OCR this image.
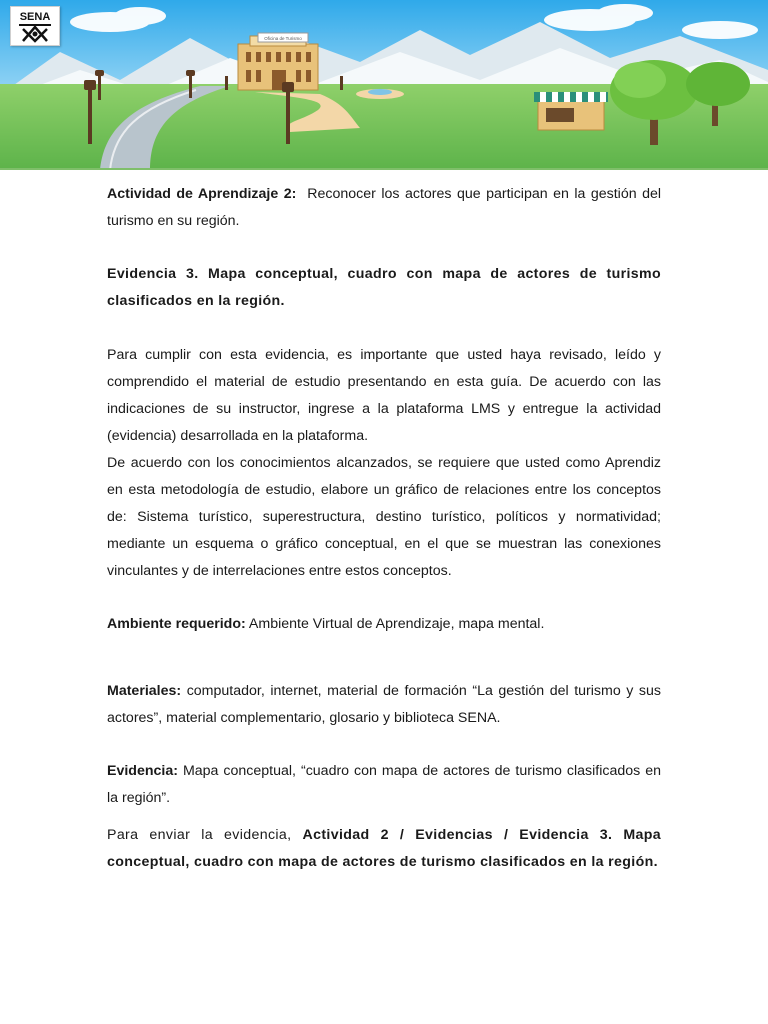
Oficina de Turismo
SENA

Actividad de Aprendizaje 2: Reconocer los actores que participan en la gestión del turismo en su región.

Evidencia 3. Mapa conceptual, cuadro con mapa de actores de turismo clasificados en la región.

Para cumplir con esta evidencia, es importante que usted haya revisado, leído y comprendido el material de estudio presentando en esta guía. De acuerdo con las indicaciones de su instructor, ingrese a la plataforma LMS y entregue la actividad (evidencia) desarrollada en la plataforma.

De acuerdo con los conocimientos alcanzados, se requiere que usted como Aprendiz en esta metodología de estudio, elabore un gráfico de relaciones entre los conceptos de: Sistema turístico, superestructura, destino turístico, políticos y normatividad; mediante un esquema o gráfico conceptual, en el que se muestran las conexiones vinculantes y de interrelaciones entre estos conceptos.

Ambiente requerido: Ambiente Virtual de Aprendizaje, mapa mental.

Materiales: computador, internet, material de formación “La gestión del turismo y sus actores”, material complementario, glosario y biblioteca SENA.

Evidencia: Mapa conceptual, “cuadro con mapa de actores de turismo clasificados en la región”.

Para enviar la evidencia, Actividad 2 / Evidencias / Evidencia 3. Mapa conceptual, cuadro con mapa de actores de turismo clasificados en la región.
